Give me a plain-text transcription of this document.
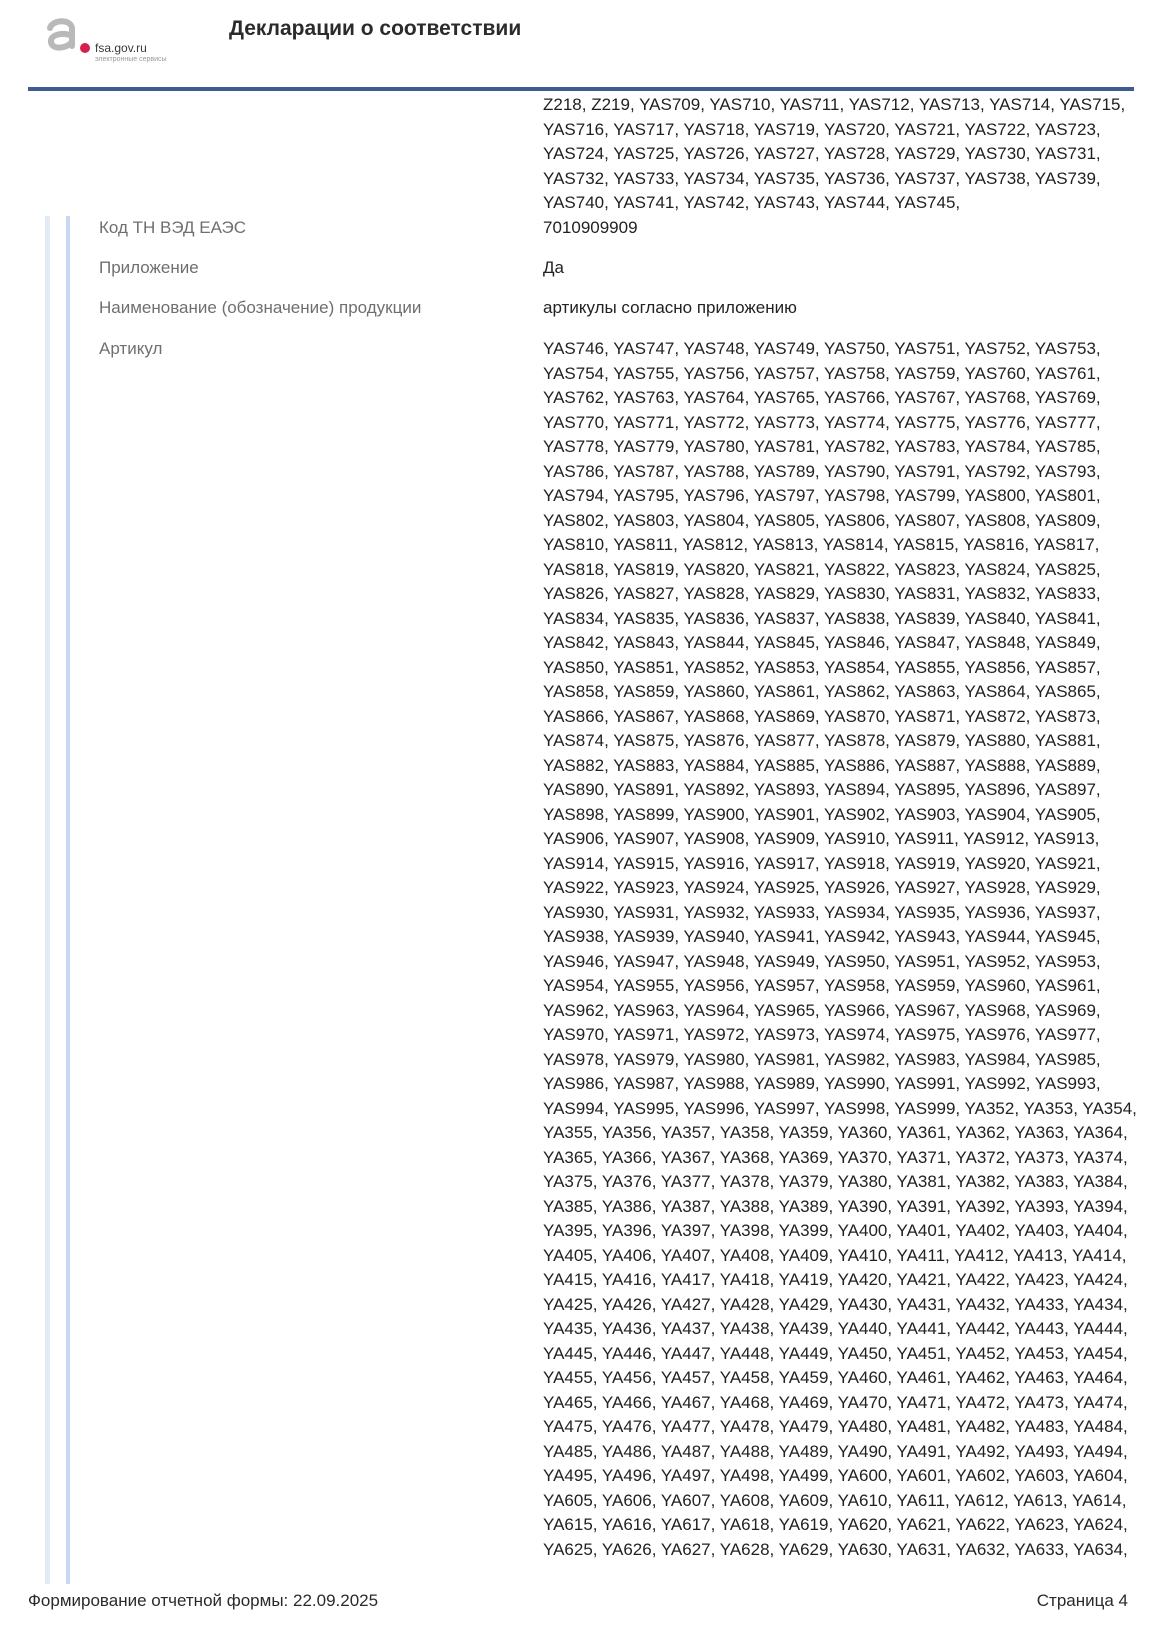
fsa.gov.ru
электронные сервисы
Декларации о соответствии
Z218, Z219, YAS709, YAS710, YAS711, YAS712, YAS713, YAS714, YAS715,
YAS716, YAS717, YAS718, YAS719, YAS720, YAS721, YAS722, YAS723,
YAS724, YAS725, YAS726, YAS727, YAS728, YAS729, YAS730, YAS731,
YAS732, YAS733, YAS734, YAS735, YAS736, YAS737, YAS738, YAS739,
YAS740, YAS741, YAS742, YAS743, YAS744, YAS745,
Код ТН ВЭД ЕАЭС	7010909909
Приложение	Да
Наименование (обозначение) продукции	артикулы согласно приложению
Артикул	YAS746, YAS747, YAS748, YAS749, YAS750, YAS751, YAS752, YAS753,
YAS754, YAS755, YAS756, YAS757, YAS758, YAS759, YAS760, YAS761,
YAS762, YAS763, YAS764, YAS765, YAS766, YAS767, YAS768, YAS769,
YAS770, YAS771, YAS772, YAS773, YAS774, YAS775, YAS776, YAS777,
YAS778, YAS779, YAS780, YAS781, YAS782, YAS783, YAS784, YAS785,
YAS786, YAS787, YAS788, YAS789, YAS790, YAS791, YAS792, YAS793,
YAS794, YAS795, YAS796, YAS797, YAS798, YAS799, YAS800, YAS801,
YAS802, YAS803, YAS804, YAS805, YAS806, YAS807, YAS808, YAS809,
YAS810, YAS811, YAS812, YAS813, YAS814, YAS815, YAS816, YAS817,
YAS818, YAS819, YAS820, YAS821, YAS822, YAS823, YAS824, YAS825,
YAS826, YAS827, YAS828, YAS829, YAS830, YAS831, YAS832, YAS833,
YAS834, YAS835, YAS836, YAS837, YAS838, YAS839, YAS840, YAS841,
YAS842, YAS843, YAS844, YAS845, YAS846, YAS847, YAS848, YAS849,
YAS850, YAS851, YAS852, YAS853, YAS854, YAS855, YAS856, YAS857,
YAS858, YAS859, YAS860, YAS861, YAS862, YAS863, YAS864, YAS865,
YAS866, YAS867, YAS868, YAS869, YAS870, YAS871, YAS872, YAS873,
YAS874, YAS875, YAS876, YAS877, YAS878, YAS879, YAS880, YAS881,
YAS882, YAS883, YAS884, YAS885, YAS886, YAS887, YAS888, YAS889,
YAS890, YAS891, YAS892, YAS893, YAS894, YAS895, YAS896, YAS897,
YAS898, YAS899, YAS900, YAS901, YAS902, YAS903, YAS904, YAS905,
YAS906, YAS907, YAS908, YAS909, YAS910, YAS911, YAS912, YAS913,
YAS914, YAS915, YAS916, YAS917, YAS918, YAS919, YAS920, YAS921,
YAS922, YAS923, YAS924, YAS925, YAS926, YAS927, YAS928, YAS929,
YAS930, YAS931, YAS932, YAS933, YAS934, YAS935, YAS936, YAS937,
YAS938, YAS939, YAS940, YAS941, YAS942, YAS943, YAS944, YAS945,
YAS946, YAS947, YAS948, YAS949, YAS950, YAS951, YAS952, YAS953,
YAS954, YAS955, YAS956, YAS957, YAS958, YAS959, YAS960, YAS961,
YAS962, YAS963, YAS964, YAS965, YAS966, YAS967, YAS968, YAS969,
YAS970, YAS971, YAS972, YAS973, YAS974, YAS975, YAS976, YAS977,
YAS978, YAS979, YAS980, YAS981, YAS982, YAS983, YAS984, YAS985,
YAS986, YAS987, YAS988, YAS989, YAS990, YAS991, YAS992, YAS993,
YAS994, YAS995, YAS996, YAS997, YAS998, YAS999, YA352, YA353, YA354,
YA355, YA356, YA357, YA358, YA359, YA360, YA361, YA362, YA363, YA364,
YA365, YA366, YA367, YA368, YA369, YA370, YA371, YA372, YA373, YA374,
YA375, YA376, YA377, YA378, YA379, YA380, YA381, YA382, YA383, YA384,
YA385, YA386, YA387, YA388, YA389, YA390, YA391, YA392, YA393, YA394,
YA395, YA396, YA397, YA398, YA399, YA400, YA401, YA402, YA403, YA404,
YA405, YA406, YA407, YA408, YA409, YA410, YA411, YA412, YA413, YA414,
YA415, YA416, YA417, YA418, YA419, YA420, YA421, YA422, YA423, YA424,
YA425, YA426, YA427, YA428, YA429, YA430, YA431, YA432, YA433, YA434,
YA435, YA436, YA437, YA438, YA439, YA440, YA441, YA442, YA443, YA444,
YA445, YA446, YA447, YA448, YA449, YA450, YA451, YA452, YA453, YA454,
YA455, YA456, YA457, YA458, YA459, YA460, YA461, YA462, YA463, YA464,
YA465, YA466, YA467, YA468, YA469, YA470, YA471, YA472, YA473, YA474,
YA475, YA476, YA477, YA478, YA479, YA480, YA481, YA482, YA483, YA484,
YA485, YA486, YA487, YA488, YA489, YA490, YA491, YA492, YA493, YA494,
YA495, YA496, YA497, YA498, YA499, YA600, YA601, YA602, YA603, YA604,
YA605, YA606, YA607, YA608, YA609, YA610, YA611, YA612, YA613, YA614,
YA615, YA616, YA617, YA618, YA619, YA620, YA621, YA622, YA623, YA624,
YA625, YA626, YA627, YA628, YA629, YA630, YA631, YA632, YA633, YA634,
Формирование отчетной формы: 22.09.2025	Страница 4
